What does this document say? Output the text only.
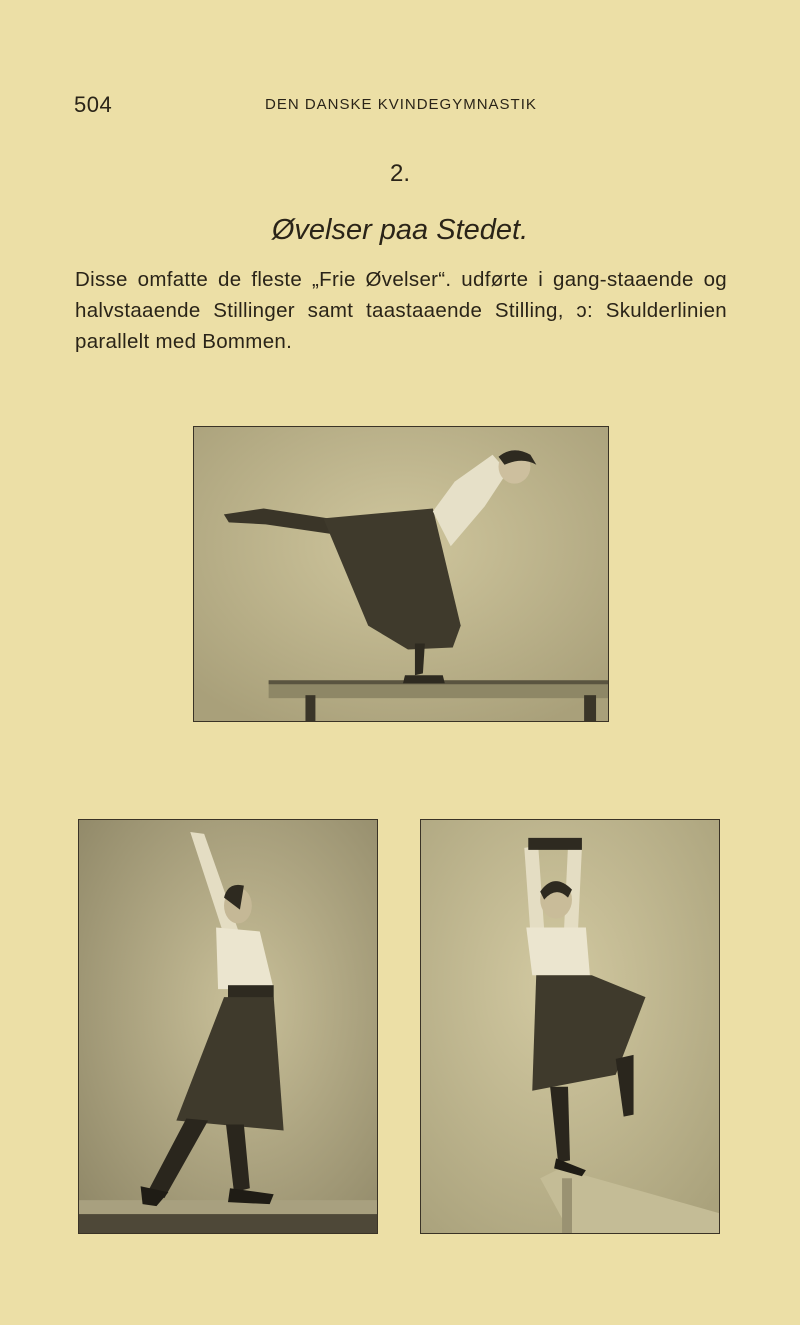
504	DEN DANSKE KVINDEGYMNASTIK
2.
Øvelser paa Stedet.
Disse omfatte de fleste „Frie Øvelser“. udførte i gang-staaende og halvstaaende Stillinger samt taastaaende Stilling, ɔ: Skulderlinien parallelt med Bommen.
